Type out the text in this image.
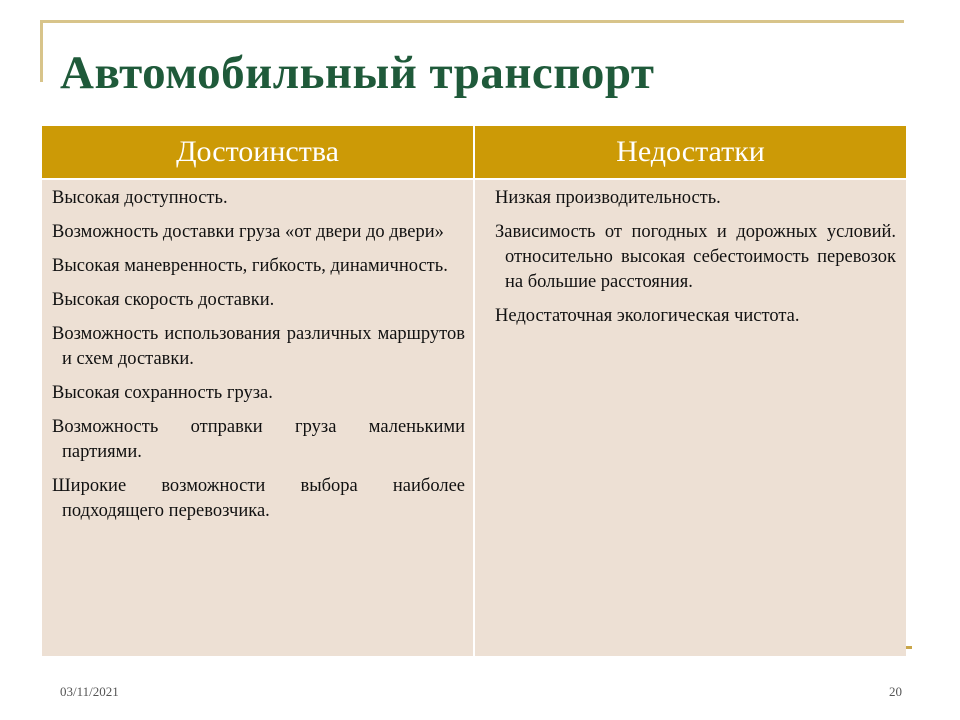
Автомобильный транспорт
Достоинства

Высокая доступность.

Возможность доставки груза «от двери до двери»

Высокая маневренность, гибкость, динамичность.

Высокая скорость доставки.

Возможность использования различных маршрутов и схем доставки.

Высокая сохранность груза.

Возможность отправки груза маленькими партиями.

Широкие возможности выбора наиболее подходящего перевозчика.

Недостатки

Низкая производительность.

Зависимость от погодных и дорожных условий. относительно высокая себестоимость перевозок на большие расстояния.

Недостаточная экологическая чистота.

03/11/2021	20
